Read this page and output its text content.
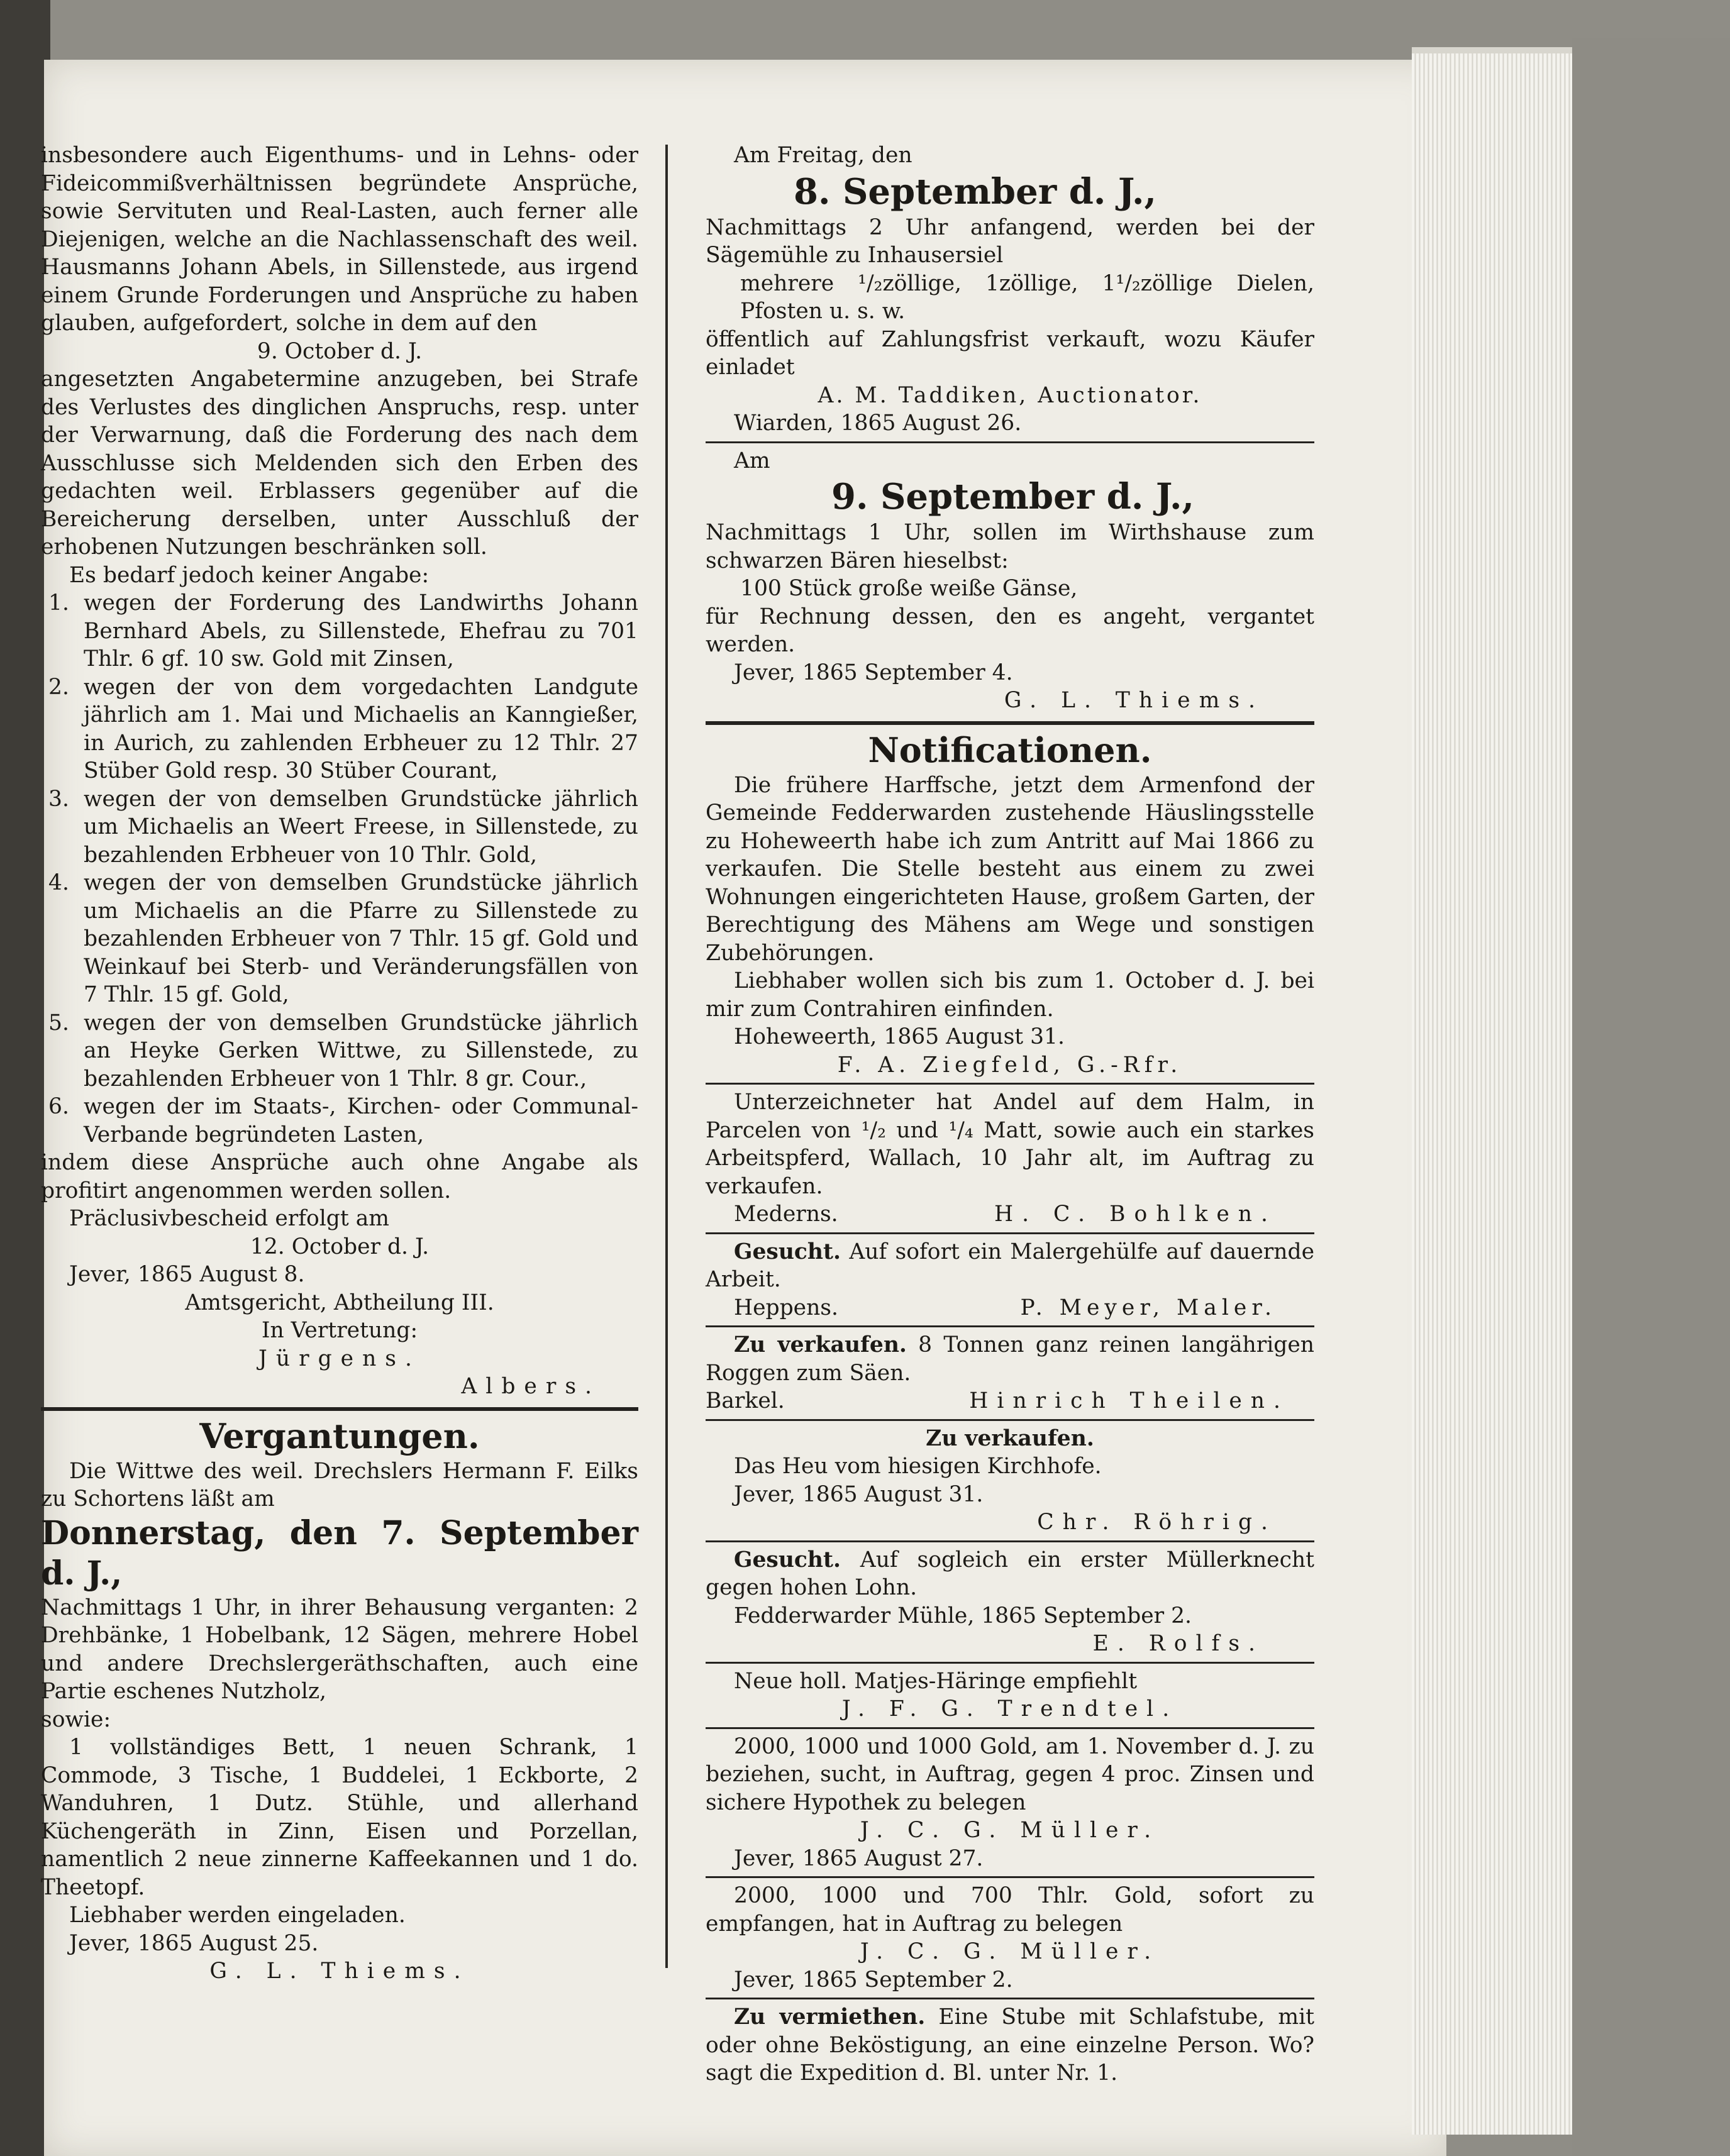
insbesondere auch Eigenthums- und in Lehns- oder Fideicommißverhältnissen begründete Ansprüche, sowie Servituten und Real-Lasten, auch ferner alle Diejenigen, welche an die Nachlassenschaft des weil. Hausmanns Johann Abels, in Sillenstede, aus irgend einem Grunde Forderungen und Ansprüche zu haben glauben, aufgefordert, solche in dem auf den

9. October d. J.

angesetzten Angabetermine anzugeben, bei Strafe des Verlustes des dinglichen Anspruchs, resp. unter der Verwarnung, daß die Forderung des nach dem Ausschlusse sich Meldenden sich den Erben des gedachten weil. Erblassers gegenüber auf die Bereicherung derselben, unter Ausschluß der erhobenen Nutzungen beschränken soll.

Es bedarf jedoch keiner Angabe:

1. wegen der Forderung des Landwirths Johann Bernhard Abels, zu Sillenstede, Ehefrau zu 701 Thlr. 6 gf. 10 sw. Gold mit Zinsen,
2. wegen der von dem vorgedachten Landgute jährlich am 1. Mai und Michaelis an Kanngießer, in Aurich, zu zahlenden Erbheuer zu 12 Thlr. 27 Stüber Gold resp. 30 Stüber Courant,
3. wegen der von demselben Grundstücke jährlich um Michaelis an Weert Freese, in Sillenstede, zu bezahlenden Erbheuer von 10 Thlr. Gold,
4. wegen der von demselben Grundstücke jährlich um Michaelis an die Pfarre zu Sillenstede zu bezahlenden Erbheuer von 7 Thlr. 15 gf. Gold und Weinkauf bei Sterb- und Veränderungsfällen von 7 Thlr. 15 gf. Gold,
5. wegen der von demselben Grundstücke jährlich an Heyke Gerken Wittwe, zu Sillenstede, zu bezahlenden Erbheuer von 1 Thlr. 8 gr. Cour.,
6. wegen der im Staats-, Kirchen- oder Communal-Verbande begründeten Lasten,

indem diese Ansprüche auch ohne Angabe als profitirt angenommen werden sollen.

Präclusivbescheid erfolgt am

12. October d. J.

Jever, 1865 August 8.

Amtsgericht, Abtheilung III.

In Vertretung:

Jürgens.

Albers.

Vergantungen.

Die Wittwe des weil. Drechslers Hermann F. Eilks zu Schortens läßt am

Donnerstag, den 7. September d. J.,

Nachmittags 1 Uhr, in ihrer Behausung verganten: 2 Drehbänke, 1 Hobelbank, 12 Sägen, mehrere Hobel und andere Drechslergeräthschaften, auch eine Partie eschenes Nutzholz,

sowie:

1 vollständiges Bett, 1 neuen Schrank, 1 Commode, 3 Tische, 1 Buddelei, 1 Eckborte, 2 Wanduhren, 1 Dutz. Stühle, und allerhand Küchengeräth in Zinn, Eisen und Porzellan, namentlich 2 neue zinnerne Kaffeekannen und 1 do. Theetopf.

Liebhaber werden eingeladen.

Jever, 1865 August 25.

G. L. Thiems.

Am Freitag, den

8. September d. J.,

Nachmittags 2 Uhr anfangend, werden bei der Sägemühle zu Inhausersiel

mehrere ¹/₂zöllige, 1zöllige, 1¹/₂zöllige Dielen, Pfosten u. s. w.

öffentlich auf Zahlungsfrist verkauft, wozu Käufer einladet

A. M. Taddiken, Auctionator.

Wiarden, 1865 August 26.

Am

9. September d. J.,

Nachmittags 1 Uhr, sollen im Wirthshause zum schwarzen Bären hieselbst:

100 Stück große weiße Gänse,

für Rechnung dessen, den es angeht, vergantet werden.

Jever, 1865 September 4.

G. L. Thiems.

Notificationen.

Die frühere Harffsche, jetzt dem Armenfond der Gemeinde Fedderwarden zustehende Häuslingsstelle zu Hoheweerth habe ich zum Antritt auf Mai 1866 zu verkaufen. Die Stelle besteht aus einem zu zwei Wohnungen eingerichteten Hause, großem Garten, der Berechtigung des Mähens am Wege und sonstigen Zubehörungen.

Liebhaber wollen sich bis zum 1. October d. J. bei mir zum Contrahiren einfinden.

Hoheweerth, 1865 August 31.

F. A. Ziegfeld, G.-Rfr.

Unterzeichneter hat Andel auf dem Halm, in Parcelen von ¹/₂ und ¹/₄ Matt, sowie auch ein starkes Arbeitspferd, Wallach, 10 Jahr alt, im Auftrag zu verkaufen.

Mederns.	H. C. Bohlken.

Gesucht. Auf sofort ein Malergehülfe auf dauernde Arbeit.

Heppens.	P. Meyer, Maler.

Zu verkaufen. 8 Tonnen ganz reinen langährigen Roggen zum Säen.

Barkel.	Hinrich Theilen.

Zu verkaufen.

Das Heu vom hiesigen Kirchhofe.

Jever, 1865 August 31.

Chr. Röhrig.

Gesucht. Auf sogleich ein erster Müllerknecht gegen hohen Lohn.

Fedderwarder Mühle, 1865 September 2.

E. Rolfs.

Neue holl. Matjes-Häringe empfiehlt

J. F. G. Trendtel.

2000, 1000 und 1000 Gold, am 1. November d. J. zu beziehen, sucht, in Auftrag, gegen 4 proc. Zinsen und sichere Hypothek zu belegen

J. C. G. Müller.

Jever, 1865 August 27.

2000, 1000 und 700 Thlr. Gold, sofort zu empfangen, hat in Auftrag zu belegen

J. C. G. Müller.

Jever, 1865 September 2.

Zu vermiethen. Eine Stube mit Schlafstube, mit oder ohne Beköstigung, an eine einzelne Person. Wo? sagt die Expedition d. Bl. unter Nr. 1.
